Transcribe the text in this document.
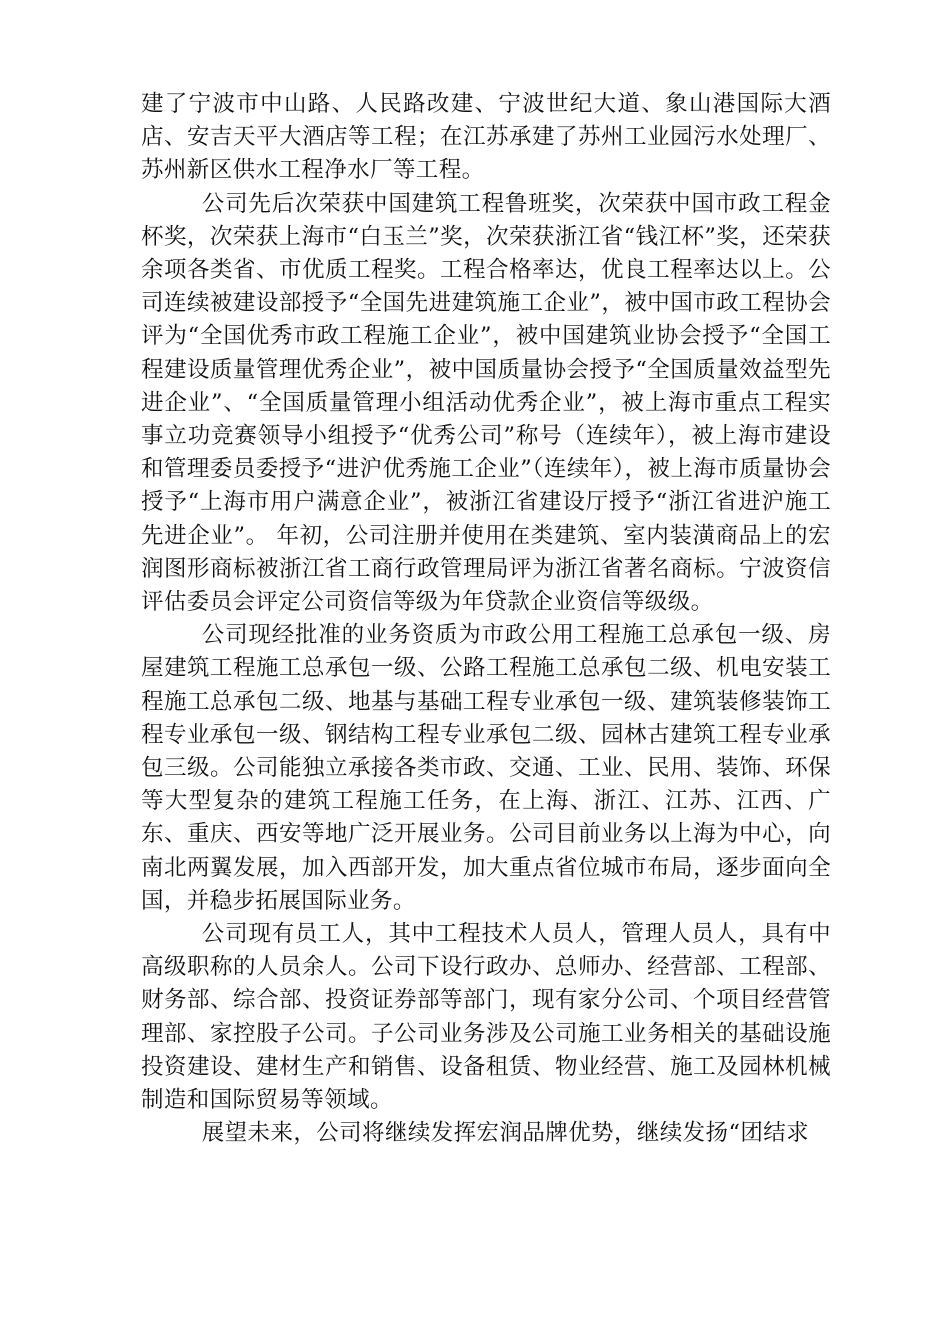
建了宁波市中山路、人民路改建、宁波世纪大道、象山港国际大酒店、安吉天平大酒店等工程；在江苏承建了苏州工业园污水处理厂、苏州新区供水工程净水厂等工程。

公司先后次荣获中国建筑工程鲁班奖，次荣获中国市政工程金杯奖，次荣获上海市“白玉兰”奖，次荣获浙江省“钱江杯”奖，还荣获余项各类省、市优质工程奖。工程合格率达，优良工程率达以上。公司连续被建设部授予“全国先进建筑施工企业”，被中国市政工程协会评为“全国优秀市政工程施工企业”，被中国建筑业协会授予“全国工程建设质量管理优秀企业”，被中国质量协会授予“全国质量效益型先进企业”、“全国质量管理小组活动优秀企业”，被上海市重点工程实事立功竞赛领导小组授予“优秀公司”称号（连续年），被上海市建设和管理委员委授予“进沪优秀施工企业”（连续年），被上海市质量协会授予“上海市用户满意企业”，被浙江省建设厅授予“浙江省进沪施工先进企业”。 年初，公司注册并使用在类建筑、室内装潢商品上的宏润图形商标被浙江省工商行政管理局评为浙江省著名商标。宁波资信评估委员会评定公司资信等级为年贷款企业资信等级级。

公司现经批准的业务资质为市政公用工程施工总承包一级、房屋建筑工程施工总承包一级、公路工程施工总承包二级、机电安装工程施工总承包二级、地基与基础工程专业承包一级、建筑装修装饰工程专业承包一级、钢结构工程专业承包二级、园林古建筑工程专业承包三级。公司能独立承接各类市政、交通、工业、民用、装饰、环保等大型复杂的建筑工程施工任务，在上海、浙江、江苏、江西、广东、重庆、西安等地广泛开展业务。公司目前业务以上海为中心，向南北两翼发展，加入西部开发，加大重点省位城市布局，逐步面向全国，并稳步拓展国际业务。

公司现有员工人，其中工程技术人员人，管理人员人，具有中高级职称的人员余人。公司下设行政办、总师办、经营部、工程部、财务部、综合部、投资证券部等部门，现有家分公司、个项目经营管理部、家控股子公司。子公司业务涉及公司施工业务相关的基础设施投资建设、建材生产和销售、设备租赁、物业经营、施工及园林机械制造和国际贸易等领域。

展望未来，公司将继续发挥宏润品牌优势，继续发扬“团结求
